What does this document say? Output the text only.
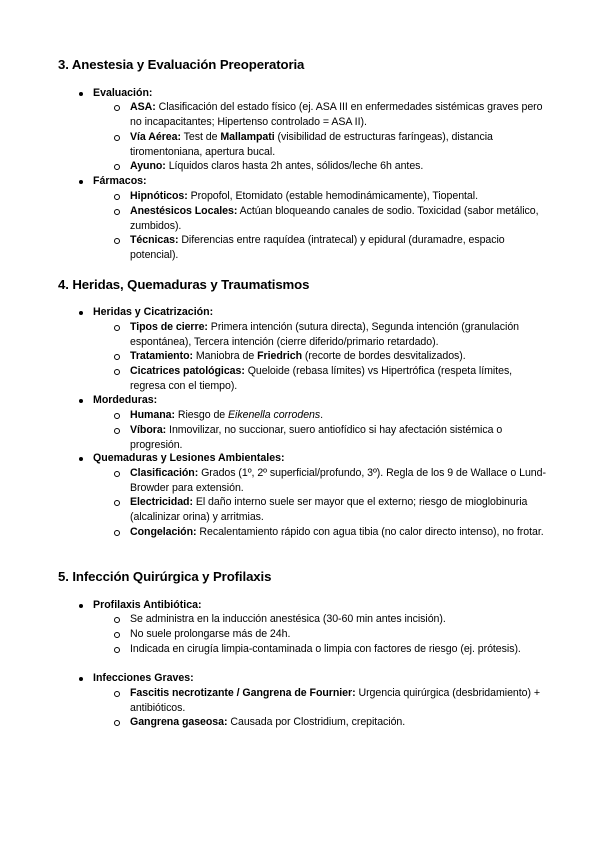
3. Anestesia y Evaluación Preoperatoria

Evaluación:

ASA: Clasificación del estado físico (ej. ASA III en enfermedades sistémicas graves pero no incapacitantes; Hipertenso controlado = ASA II).

Vía Aérea: Test de Mallampati (visibilidad de estructuras faríngeas), distancia tiromentoniana, apertura bucal.

Ayuno: Líquidos claros hasta 2h antes, sólidos/leche 6h antes.

Fármacos:

Hipnóticos: Propofol, Etomidato (estable hemodinámicamente), Tiopental.

Anestésicos Locales: Actúan bloqueando canales de sodio. Toxicidad (sabor metálico, zumbidos).

Técnicas: Diferencias entre raquídea (intratecal) y epidural (duramadre, espacio potencial).

4. Heridas, Quemaduras y Traumatismos

Heridas y Cicatrización:

Tipos de cierre: Primera intención (sutura directa), Segunda intención (granulación espontánea), Tercera intención (cierre diferido/primario retardado).

Tratamiento: Maniobra de Friedrich (recorte de bordes desvitalizados).

Cicatrices patológicas: Queloide (rebasa límites) vs Hipertrófica (respeta límites, regresa con el tiempo).

Mordeduras:

Humana: Riesgo de Eikenella corrodens.

Víbora: Inmovilizar, no succionar, suero antiofídico si hay afectación sistémica o progresión.

Quemaduras y Lesiones Ambientales:

Clasificación: Grados (1º, 2º superficial/profundo, 3º). Regla de los 9 de Wallace o Lund-Browder para extensión.

Electricidad: El daño interno suele ser mayor que el externo; riesgo de mioglobinuria (alcalinizar orina) y arritmias.

Congelación: Recalentamiento rápido con agua tibia (no calor directo intenso), no frotar.

5. Infección Quirúrgica y Profilaxis

Profilaxis Antibiótica:

Se administra en la inducción anestésica (30-60 min antes incisión).

No suele prolongarse más de 24h.

Indicada en cirugía limpia-contaminada o limpia con factores de riesgo (ej. prótesis).

Infecciones Graves:

Fascitis necrotizante / Gangrena de Fournier: Urgencia quirúrgica (desbridamiento) + antibióticos.

Gangrena gaseosa: Causada por Clostridium, crepitación.
